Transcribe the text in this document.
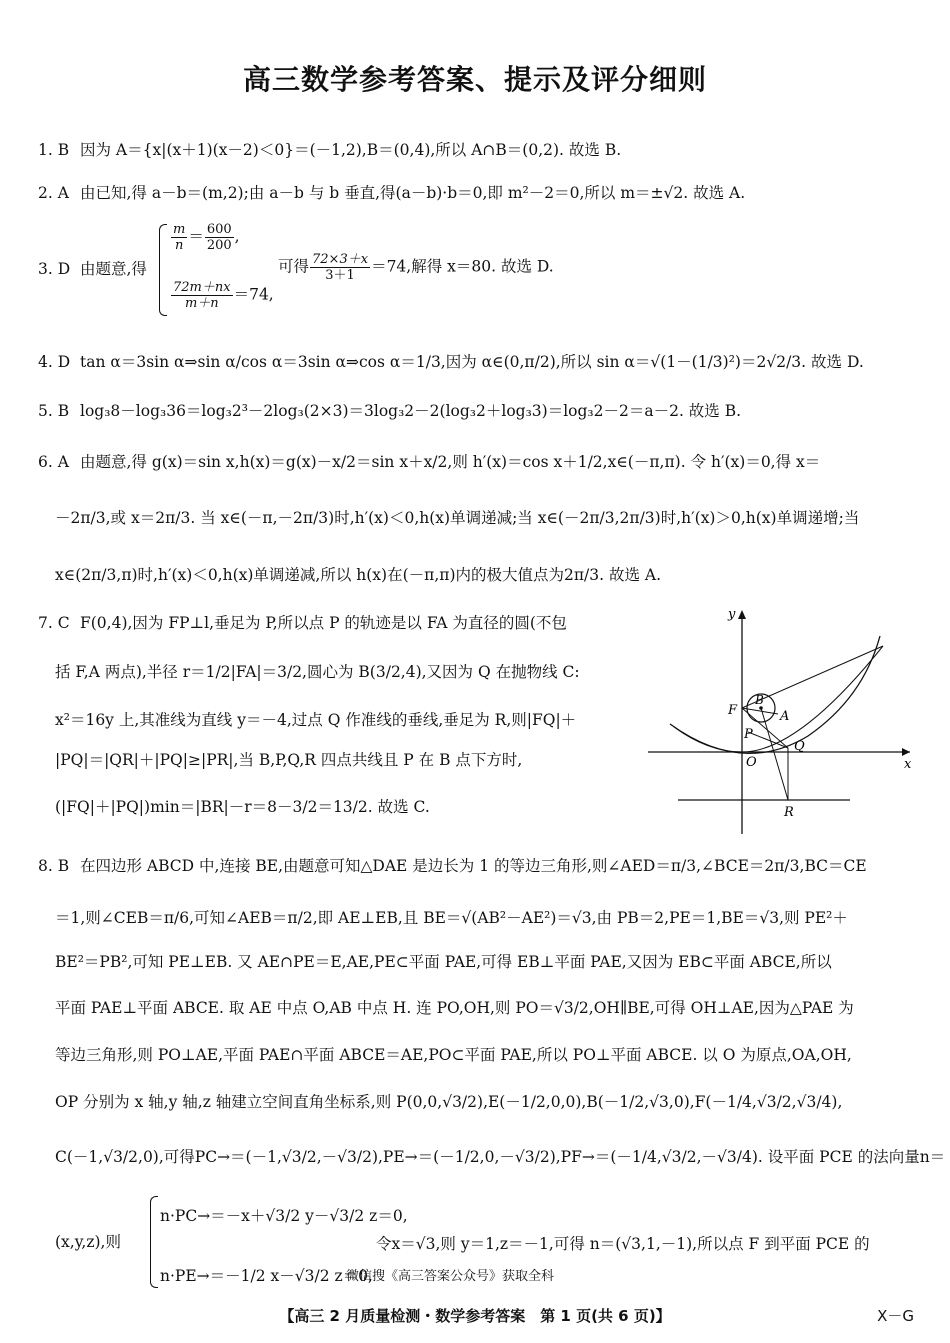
高三数学参考答案、提示及评分细则
1. B 因为 A＝{x|(x＋1)(x－2)＜0}＝(－1,2),B＝(0,4),所以 A∩B＝(0,2). 故选 B.
2. A 由已知,得 a－b＝(m,2);由 a－b 与 b 垂直,得(a－b)·b＝0,即 m²－2＝0,所以 m＝±√2. 故选 A.
3. D 由题意,得
$\frac{m}{n} = \frac{600}{200}$ ,
$\frac{72m+nx}{m+n} =74$,
可得 $\frac{72\times 3+x}{3+1} =74$,解得 x＝80. 故选 D.
4. D tan α＝3sin α⇒sin α/cos α＝3sin α⇒cos α＝1/3,因为 α∈(0,π/2),所以 sin α＝√(1－(1/3)²)＝2√2/3. 故选 D.
5. B log₃8－log₃36＝log₃2³－2log₃(2×3)＝3log₃2－2(log₃2＋log₃3)＝log₃2－2＝a－2. 故选 B.
6. A 由题意,得 g(x)＝sin x,h(x)＝g(x)－x/2＝sin x＋x/2,则 h′(x)＝cos x＋1/2,x∈(－π,π). 令 h′(x)＝0,得 x＝
－2π/3,或 x＝2π/3. 当 x∈(－π,－2π/3)时,h′(x)＜0,h(x)单调递减;当 x∈(－2π/3,2π/3)时,h′(x)＞0,h(x)单调递增;当
x∈(2π/3,π)时,h′(x)＜0,h(x)单调递减,所以 h(x)在(－π,π)内的极大值点为2π/3. 故选 A.
7. C F(0,4),因为 FP⊥l,垂足为 P,所以点 P 的轨迹是以 FA 为直径的圆(不包
括 F,A 两点),半径 r＝1/2|FA|＝3/2,圆心为 B(3/2,4),又因为 Q 在抛物线 C:
x²＝16y 上,其准线为直线 y＝－4,过点 Q 作准线的垂线,垂足为 R,则|FQ|＋
|PQ|＝|QR|＋|PQ|≥|PR|,当 B,P,Q,R 四点共线且 P 在 B 点下方时,
(|FQ|＋|PQ|)min＝|BR|－r＝8－3/2＝13/2. 故选 C.
y
x
F
B
A
P
Q
O
R
8. B 在四边形 ABCD 中,连接 BE,由题意可知△DAE 是边长为 1 的等边三角形,则∠AED＝π/3,∠BCE＝2π/3,BC＝CE
＝1,则∠CEB＝π/6,可知∠AEB＝π/2,即 AE⊥EB,且 BE＝√(AB²－AE²)＝√3,由 PB＝2,PE＝1,BE＝√3,则 PE²＋
BE²＝PB²,可知 PE⊥EB. 又 AE∩PE＝E,AE,PE⊂平面 PAE,可得 EB⊥平面 PAE,又因为 EB⊂平面 ABCE,所以
平面 PAE⊥平面 ABCE. 取 AE 中点 O,AB 中点 H. 连 PO,OH,则 PO＝√3/2,OH∥BE,可得 OH⊥AE,因为△PAE 为
等边三角形,则 PO⊥AE,平面 PAE∩平面 ABCE＝AE,PO⊂平面 PAE,所以 PO⊥平面 ABCE. 以 O 为原点,OA,OH,
OP 分别为 x 轴,y 轴,z 轴建立空间直角坐标系,则 P(0,0,√3/2),E(－1/2,0,0),B(－1/2,√3,0),F(－1/4,√3/2,√3/4),
C(－1,√3/2,0),可得PC→＝(－1,√3/2,－√3/2),PE→＝(－1/2,0,－√3/2),PF→＝(－1/4,√3/2,－√3/4). 设平面 PCE 的法向量n＝
(x,y,z),则
n·PC→＝－x＋√3/2 y－√3/2 z＝0,
n·PE→＝－1/2 x－√3/2 z＝0,
令x＝√3,则 y＝1,z＝－1,可得 n＝(√3,1,－1),所以点 F 到平面 PCE 的
微信搜《高三答案公众号》获取全科
【高三 2 月质量检测・数学参考答案　第 1 页(共 6 页)】	X－G
